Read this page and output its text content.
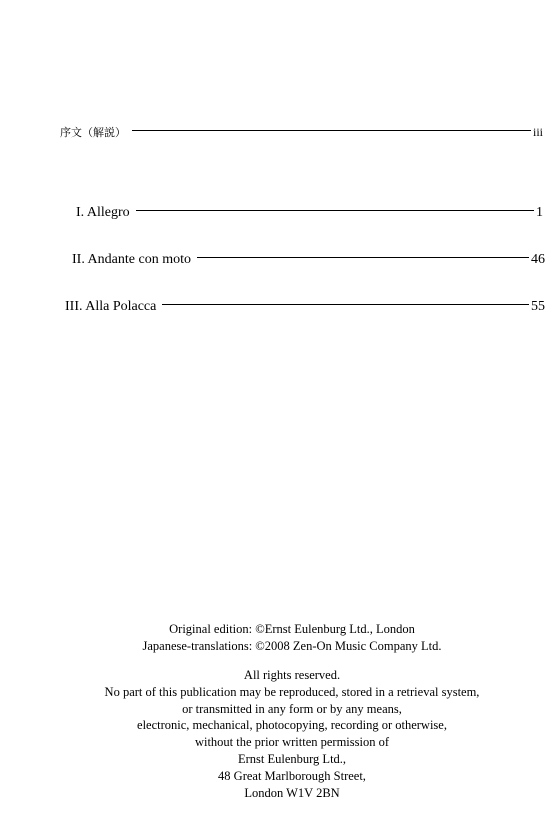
序文（解説）	iii
I. Allegro	1
II. Andante con moto	46
III. Alla Polacca	55

Original edition: ©Ernst Eulenburg Ltd., London

Japanese-translations: ©2008 Zen-On Music Company Ltd.

All rights reserved.

No part of this publication may be reproduced, stored in a retrieval system,

or transmitted in any form or by any means,

electronic, mechanical, photocopying, recording or otherwise,

without the prior written permission of

Ernst Eulenburg Ltd.,

48 Great Marlborough Street,

London W1V 2BN
